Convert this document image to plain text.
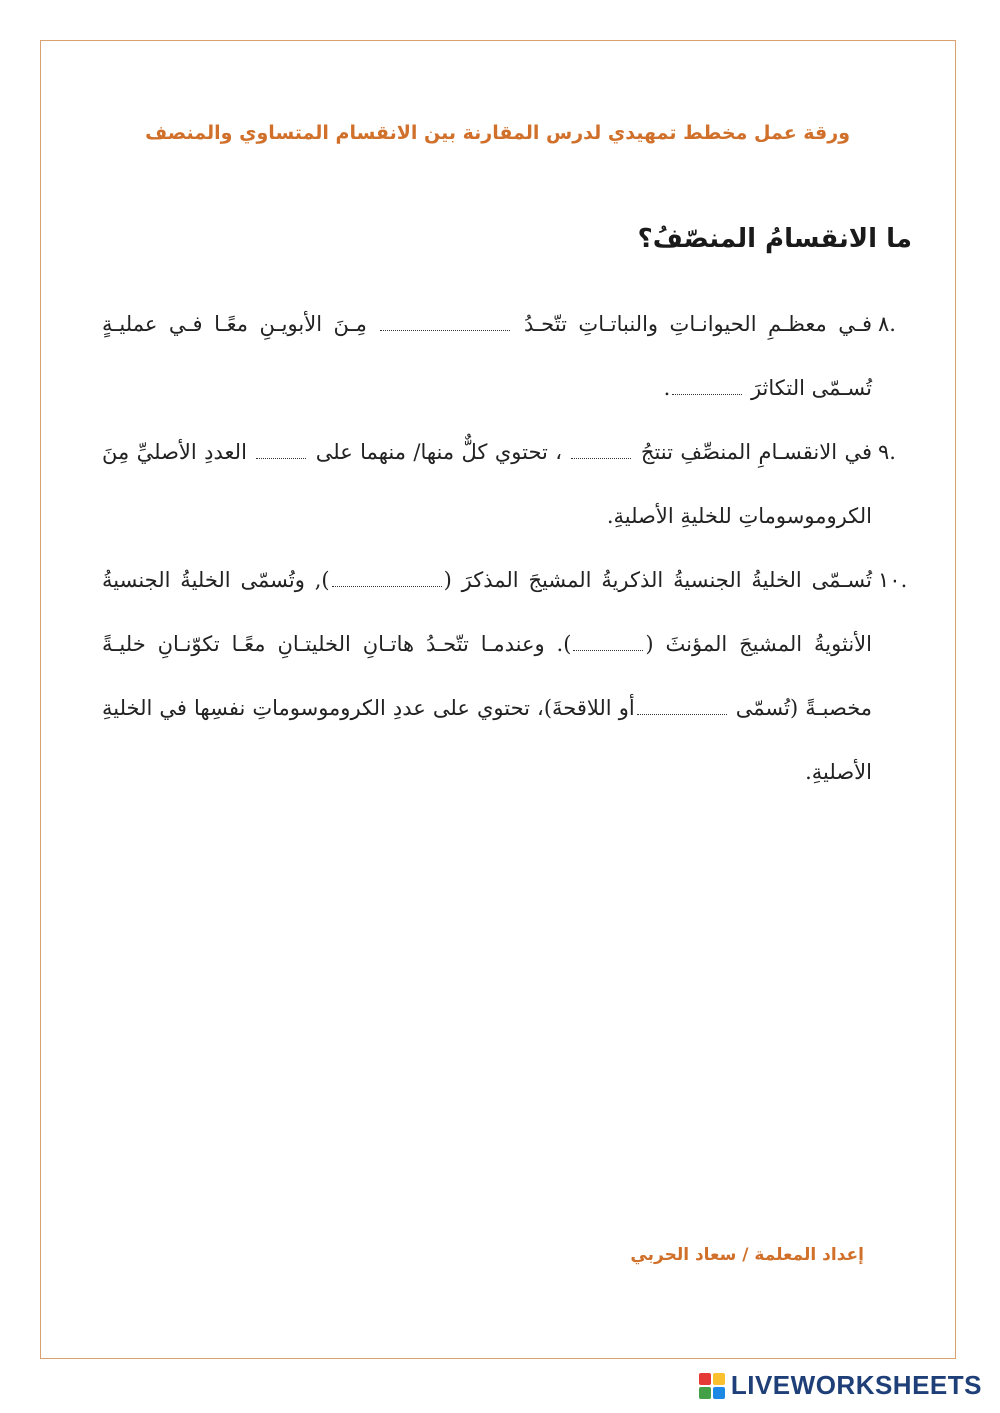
ورقة عمل مخطط تمهيدي لدرس المقارنة بين الانقسام المتساوي والمنصف
ما الانقسامُ المنصّفُ؟

٨.
فـي معظـمِ الحيوانـاتِ والنباتـاتِ تتّحـدُ  مِـنَ الأبويـنِ معًـا فـي عمليـةٍ تُسـمّى التكاثرَ .

٩.
في الانقسـامِ المنصِّفِ تنتجُ  ، تحتوي كلٌّ منها/ منهما على  العددِ الأصليِّ مِنَ الكروموسوماتِ للخليةِ الأصليةِ.

١٠.
تُسـمّى الخليةُ الجنسيةُ الذكريةُ المشيجَ المذكرَ (), وتُسمّى الخليةُ الجنسيةُ الأنثويةُ المشيجَ المؤنثَ (). وعندمـا تتّحـدُ هاتـانِ الخليتـانِ معًـا تكوّنـانِ خليـةً مخصبـةً (تُسمّى أو اللاقحةَ)، تحتوي على عددِ الكروموسوماتِ نفسِها في الخليةِ الأصليةِ.

إعداد المعلمة / سعاد الحربي
LIVEWORKSHEETS
